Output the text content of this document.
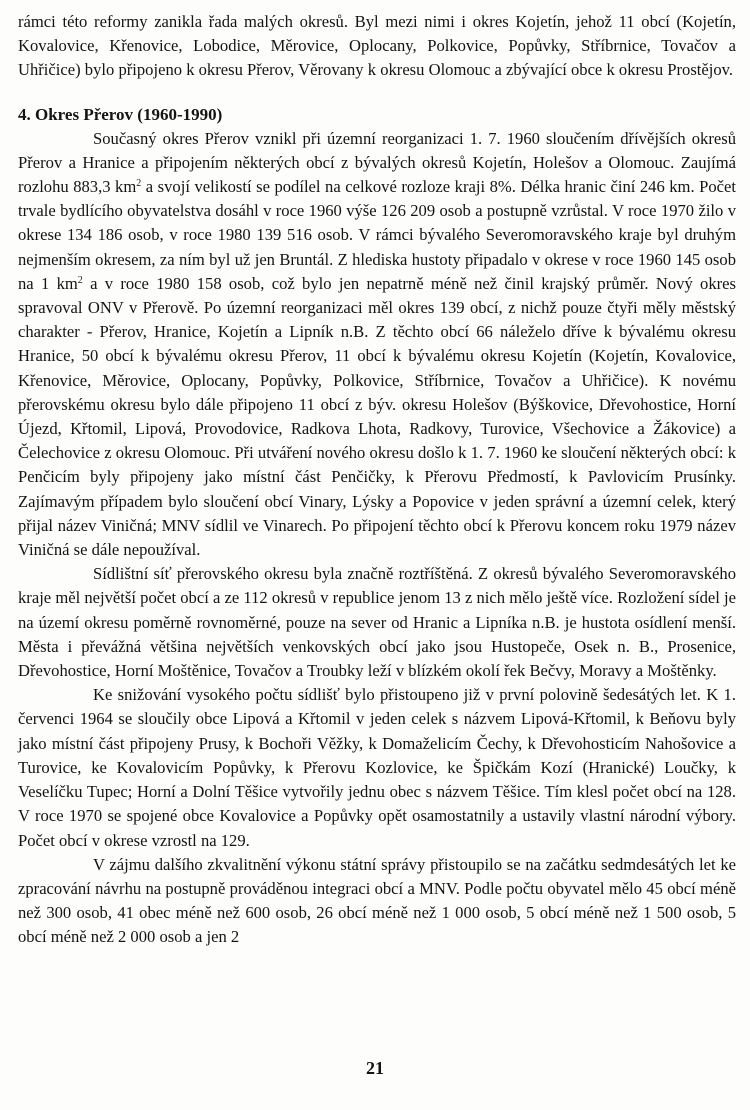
rámci této reformy zanikla řada malých okresů. Byl mezi nimi i okres Kojetín, jehož 11 obcí (Kojetín, Kovalovice, Křenovice, Lobodice, Měrovice, Oplocany, Polkovice, Popůvky, Stříbrnice, Tovačov a Uhřičice) bylo připojeno k okresu Přerov, Věrovany k okresu Olomouc a zbývající obce k okresu Prostějov.

4. Okres Přerov (1960-1990)

Současný okres Přerov vznikl při územní reorganizaci 1. 7. 1960 sloučením dřívějších okresů Přerov a Hranice a připojením některých obcí z bývalých okresů Kojetín, Holešov a Olomouc. Zaujímá rozlohu 883,3 $km^2$ a svojí velikostí se podílel na celkové rozloze kraji 8%. Délka hranic činí 246 km. Počet trvale bydlícího obyvatelstva dosáhl v roce 1960 výše 126 209 osob a postupně vzrůstal. V roce 1970 žilo v okrese 134 186 osob, v roce 1980 139 516 osob. V rámci bývalého Severomoravského kraje byl druhým nejmenším okresem, za ním byl už jen Bruntál. Z hlediska hustoty připadalo v okrese v roce 1960 145 osob na 1 $km^2$ a v roce 1980 158 osob, což bylo jen nepatrně méně než činil krajský průměr. Nový okres spravoval ONV v Přerově. Po územní reorganizaci měl okres 139 obcí, z nichž pouze čtyři měly městský charakter - Přerov, Hranice, Kojetín a Lipník n.B. Z těchto obcí 66 náleželo dříve k bývalému okresu Hranice, 50 obcí k bývalému okresu Přerov, 11 obcí k bývalému okresu Kojetín (Kojetín, Kovalovice, Křenovice, Měrovice, Oplocany, Popůvky, Polkovice, Stříbrnice, Tovačov a Uhřičice). K novému přerovskému okresu bylo dále připojeno 11 obcí z býv. okresu Holešov (Býškovice, Dřevohostice, Horní Újezd, Křtomil, Lipová, Provodovice, Radkova Lhota, Radkovy, Turovice, Všechovice a Žákovice) a Čelechovice z okresu Olomouc. Při utváření nového okresu došlo k 1. 7. 1960 ke sloučení některých obcí: k Penčicím byly připojeny jako místní část Penčičky, k Přerovu Předmostí, k Pavlovicím Prusínky. Zajímavým případem bylo sloučení obcí Vinary, Lýsky a Popovice v jeden správní a územní celek, který přijal název Viničná; MNV sídlil ve Vinarech. Po připojení těchto obcí k Přerovu koncem roku 1979 název Viničná se dále nepoužíval.

Sídlištní síť přerovského okresu byla značně roztříštěná. Z okresů bývalého Severomoravského kraje měl největší počet obcí a ze 112 okresů v republice jenom 13 z nich mělo ještě více. Rozložení sídel je na území okresu poměrně rovnoměrné, pouze na sever od Hranic a Lipníka n.B. je hustota osídlení menší. Města i převážná většina největších venkovských obcí jako jsou Hustopeče, Osek n. B., Prosenice, Dřevohostice, Horní Moštěnice, Tovačov a Troubky leží v blízkém okolí řek Bečvy, Moravy a Moštěnky.

Ke snižování vysokého počtu sídlišť bylo přistoupeno již v první polovině šedesátých let. K 1. červenci 1964 se sloučily obce Lipová a Křtomil v jeden celek s názvem Lipová-Křtomil, k Beňovu byly jako místní část připojeny Prusy, k Bochoři Věžky, k Domaželicím Čechy, k Dřevohosticím Nahošovice a Turovice, ke Kovalovicím Popůvky, k Přerovu Kozlovice, ke Špičkám Kozí (Hranické) Loučky, k Veselíčku Tupec; Horní a Dolní Těšice vytvořily jednu obec s názvem Těšice. Tím klesl počet obcí na 128. V roce 1970 se spojené obce Kovalovice a Popůvky opět osamostatnily a ustavily vlastní národní výbory. Počet obcí v okrese vzrostl na 129.

V zájmu dalšího zkvalitnění výkonu státní správy přistoupilo se na začátku sedmdesátých let ke zpracování návrhu na postupně prováděnou integraci obcí a MNV. Podle počtu obyvatel mělo 45 obcí méně než 300 osob, 41 obec méně než 600 osob, 26 obcí méně než 1 000 osob, 5 obcí méně než 1 500 osob, 5 obcí méně než 2 000 osob a jen 2

21
